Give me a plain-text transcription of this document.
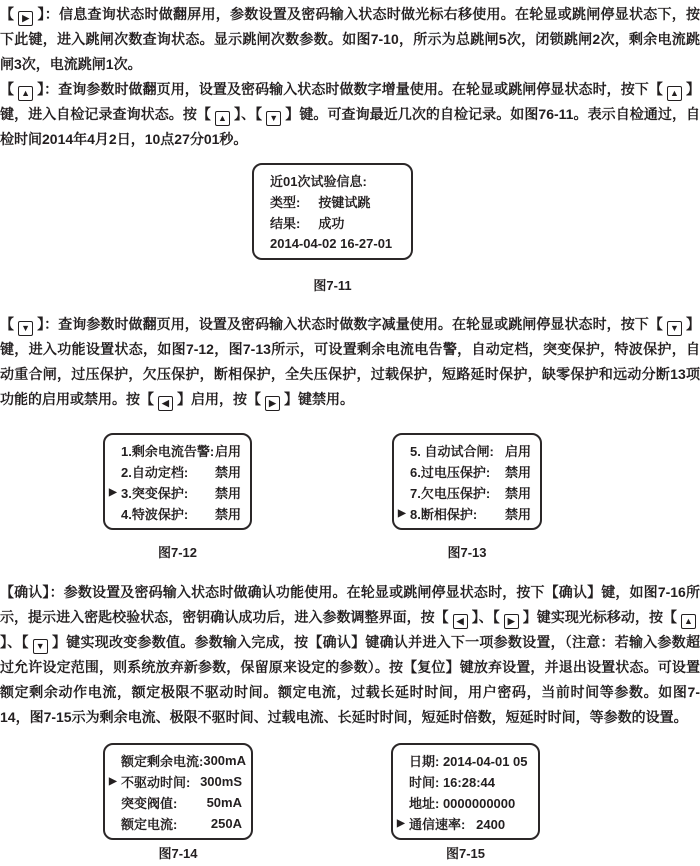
【 ▶ 】：信息查询状态时做翻屏用，参数设置及密码输入状态时做光标右移使用。在轮显或跳闸停显状态下，按下此键，进入跳闸次数查询状态。显示跳闸次数参数。如图7-10，所示为总跳闸5次，闭锁跳闸2次，剩余电流跳闸3次，电流跳闸1次。

【 ▲ 】：查询参数时做翻页用，设置及密码输入状态时做数字增量使用。在轮显或跳闸停显状态时，按下【 ▲ 】键，进入自检记录查询状态。按【 ▲ 】、【 ▼ 】键。可查询最近几次的自检记录。如图76-11。表示自检通过，自检时间2014年4月2日，10点27分01秒。

近01次试验信息:
类型:     按键试跳
结果:     成功
2014-04-02 16-27-01
图7-11

【 ▼ 】：查询参数时做翻页用，设置及密码输入状态时做数字减量使用。在轮显或跳闸停显状态时，按下【 ▼ 】键，进入功能设置状态，如图7-12，图7-13所示，可设置剩余电流电告警，自动定档，突变保护，特波保护，自动重合闸，过压保护，欠压保护，断相保护，全失压保护，过载保护，短路延时保护，缺零保护和远动分断13项功能的启用或禁用。按【 ◀ 】启用，按【 ▶ 】键禁用。

1.剩余电流告警: 启用
2.自动定档: 禁用
▶ 3.突变保护: 禁用
4.特波保护: 禁用
图7-12
5. 自动试合闸: 启用
6.过电压保护: 禁用
7.欠电压保护: 禁用
▶ 8.断相保护: 禁用
图7-13

【确认】：参数设置及密码输入状态时做确认功能使用。在轮显或跳闸停显状态时，按下【确认】键，如图7-16所示，提示进入密匙校验状态，密钥确认成功后，进入参数调整界面，按【 ◀ 】、【 ▶ 】键实现光标移动，按【 ▲】、【 ▼ 】键实现改变参数值。参数输入完成，按【确认】键确认并进入下一项参数设置，（注意：若输入参数超过允许设定范围，则系统放弃新参数，保留原来设定的参数）。按【复位】键放弃设置，并退出设置状态。可设置额定剩余动作电流，额定极限不驱动时间。额定电流，过载长延时时间，用户密码，当前时间等参数。如图7-14，图7-15示为剩余电流、极限不驱时间、过载电流、长延时时间，短延时倍数，短延时时间，等参数的设置。

额定剩余电流: 300mA
▶ 不驱动时间: 300mS
突变阀值: 50mA
额定电流:	250A
图7-14
日期: 2014-04-01 05
时间: 16:28:44
地址: 0000000000
▶ 通信速率:   2400
图7-15
